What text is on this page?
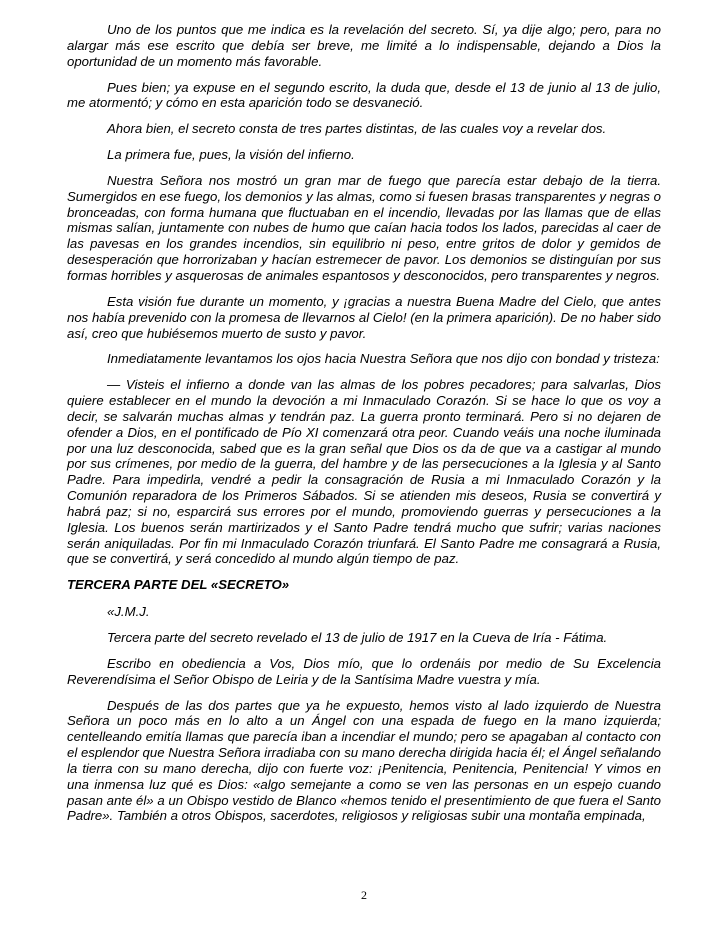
Uno de los puntos que me indica es la revelación del secreto. Sí, ya dije algo; pero, para no alargar más ese escrito que debía ser breve, me limité a lo indispensable, dejando a Dios la oportunidad de un momento más favorable.

Pues bien; ya expuse en el segundo escrito, la duda que, desde el 13 de junio al 13 de julio, me atormentó; y cómo en esta aparición todo se desvaneció.

Ahora bien, el secreto consta de tres partes distintas, de las cuales voy a revelar dos.

La primera fue, pues, la visión del infierno.

Nuestra Señora nos mostró un gran mar de fuego que parecía estar debajo de la tierra. Sumergidos en ese fuego, los demonios y las almas, como si fuesen brasas transparentes y negras o bronceadas, con forma humana que fluctuaban en el incendio, llevadas por las llamas que de ellas mismas salían, juntamente con nubes de humo que caían hacia todos los lados, parecidas al caer de las pavesas en los grandes incendios, sin equilibrio ni peso, entre gritos de dolor y gemidos de desesperación que horrorizaban y hacían estremecer de pavor. Los demonios se distinguían por sus formas horribles y asquerosas de animales espantosos y desconocidos, pero transparentes y negros.

Esta visión fue durante un momento, y ¡gracias a nuestra Buena Madre del Cielo, que antes nos había prevenido con la promesa de llevarnos al Cielo! (en la primera aparición). De no haber sido así, creo que hubiésemos muerto de susto y pavor.

Inmediatamente levantamos los ojos hacia Nuestra Señora que nos dijo con bondad y tristeza:

— Visteis el infierno a donde van las almas de los pobres pecadores; para salvarlas, Dios quiere establecer en el mundo la devoción a mi Inmaculado Corazón. Si se hace lo que os voy a decir, se salvarán muchas almas y tendrán paz. La guerra pronto terminará. Pero si no dejaren de ofender a Dios, en el pontificado de Pío XI comenzará otra peor. Cuando veáis una noche iluminada por una luz desconocida, sabed que es la gran señal que Dios os da de que va a castigar al mundo por sus crímenes, por medio de la guerra, del hambre y de las persecuciones a la Iglesia y al Santo Padre. Para impedirla, vendré a pedir la consagración de Rusia a mi Inmaculado Corazón y la Comunión reparadora de los Primeros Sábados. Si se atienden mis deseos, Rusia se convertirá y habrá paz; si no, esparcirá sus errores por el mundo, promoviendo guerras y persecuciones a la Iglesia. Los buenos serán martirizados y el Santo Padre tendrá mucho que sufrir; varias naciones serán aniquiladas. Por fin mi Inmaculado Corazón triunfará. El Santo Padre me consagrará a Rusia, que se convertirá, y será concedido al mundo algún tiempo de paz.

TERCERA PARTE DEL «SECRETO»

«J.M.J.

Tercera parte del secreto revelado el 13 de julio de 1917 en la Cueva de Iría - Fátima.

Escribo en obediencia a Vos, Dios mío, que lo ordenáis por medio de Su Excelencia Reverendísima el Señor Obispo de Leiria y de la Santísima Madre vuestra y mía.

Después de las dos partes que ya he expuesto, hemos visto al lado izquierdo de Nuestra Señora un poco más en lo alto a un Ángel con una espada de fuego en la mano izquierda; centelleando emitía llamas que parecía iban a incendiar el mundo; pero se apagaban al contacto con el esplendor que Nuestra Señora irradiaba con su mano derecha dirigida hacia él; el Ángel señalando la tierra con su mano derecha, dijo con fuerte voz: ¡Penitencia, Penitencia, Penitencia! Y vimos en una inmensa luz qué es Dios: «algo semejante a como se ven las personas en un espejo cuando pasan ante él» a un Obispo vestido de Blanco «hemos tenido el presentimiento de que fuera el Santo Padre». También a otros Obispos, sacerdotes, religiosos y religiosas subir una montaña empinada,

2
